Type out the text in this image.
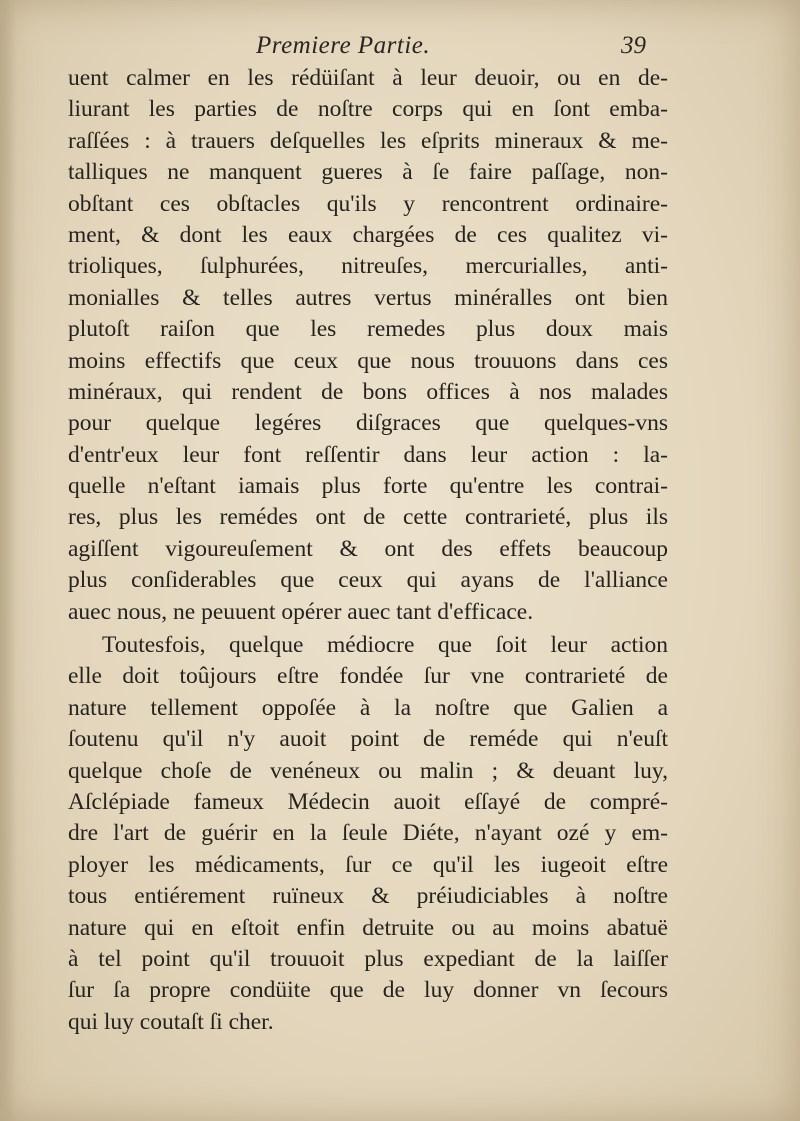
Premiere Partie.	39
uent calmer en les rédüiſant à leur deuoir, ou en de-
liurant les parties de noſtre corps qui en ſont emba-
raſſées : à trauers deſquelles les eſprits mineraux & me-
talliques ne manquent gueres à ſe faire paſſage, non-
obſtant ces obſtacles qu'ils y rencontrent ordinaire-
ment, & dont les eaux chargées de ces qualitez vi-
trioliques, ſulphurées, nitreuſes, mercurialles, anti-
monialles & telles autres vertus minéralles ont bien
plutoſt raiſon que les remedes plus doux mais
moins effectifs que ceux que nous trouuons dans ces
minéraux, qui rendent de bons offices à nos malades
pour quelque legéres diſgraces que quelques-vns
d'entr'eux leur font reſſentir dans leur action : la-
quelle n'eſtant iamais plus forte qu'entre les contrai-
res, plus les remédes ont de cette contrarieté, plus ils
agiſſent vigoureuſement & ont des effets beaucoup
plus conſiderables que ceux qui ayans de l'alliance
auec nous, ne peuuent opérer auec tant d'efficace.
Toutesfois, quelque médiocre que ſoit leur action
elle doit toûjours eſtre fondée ſur vne contrarieté de
nature tellement oppoſée à la noſtre que Galien a
ſoutenu qu'il n'y auoit point de reméde qui n'euſt
quelque choſe de venéneux ou malin ; & deuant luy,
Aſclépiade fameux Médecin auoit eſſayé de compré-
dre l'art de guérir en la ſeule Diéte, n'ayant ozé y em-
ployer les médicaments, ſur ce qu'il les iugeoit eſtre
tous entiérement ruïneux & préiudiciables à noſtre
nature qui en eſtoit enfin detruite ou au moins abatuë
à tel point qu'il trouuoit plus expediant de la laiſſer
ſur ſa propre condüite que de luy donner vn ſecours
qui luy coutaſt ſi cher.
